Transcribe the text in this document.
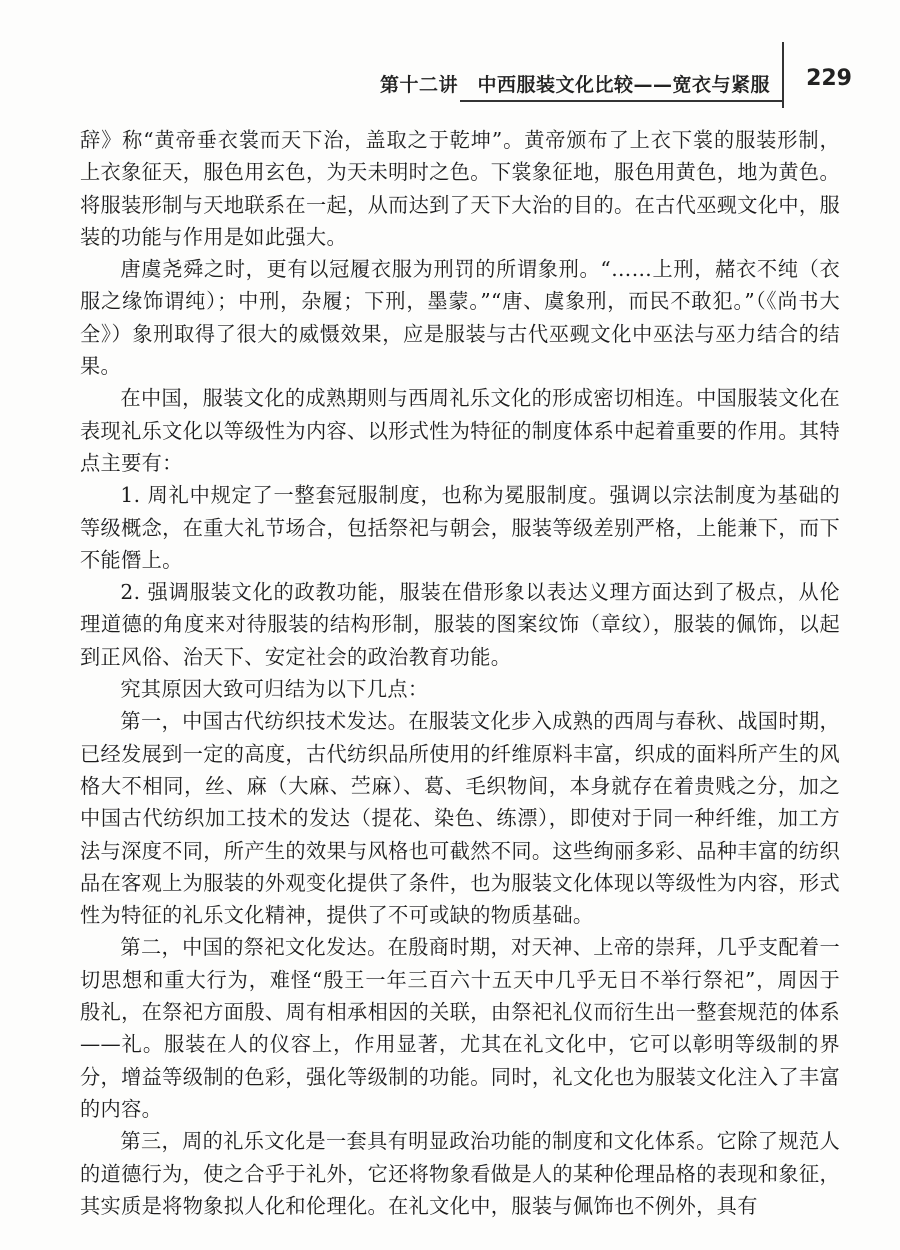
第十二讲　中西服装文化比较——宽衣与紧服 229

辞》称“黄帝垂衣裳而天下治，盖取之于乾坤”。黄帝颁布了上衣下裳的服装形制，上衣象征天，服色用玄色，为天未明时之色。下裳象征地，服色用黄色，地为黄色。将服装形制与天地联系在一起，从而达到了天下大治的目的。在古代巫觋文化中，服装的功能与作用是如此强大。

唐虞尧舜之时，更有以冠履衣服为刑罚的所谓象刑。“……上刑，赭衣不纯（衣服之缘饰谓纯）；中刑，杂履；下刑，墨蒙。”“唐、虞象刑，而民不敢犯。”（《尚书大全》）象刑取得了很大的威慑效果，应是服装与古代巫觋文化中巫法与巫力结合的结果。

在中国，服装文化的成熟期则与西周礼乐文化的形成密切相连。中国服装文化在表现礼乐文化以等级性为内容、以形式性为特征的制度体系中起着重要的作用。其特点主要有：

1. 周礼中规定了一整套冠服制度，也称为冕服制度。强调以宗法制度为基础的等级概念，在重大礼节场合，包括祭祀与朝会，服装等级差别严格，上能兼下，而下不能僭上。

2. 强调服装文化的政教功能，服装在借形象以表达义理方面达到了极点，从伦理道德的角度来对待服装的结构形制，服装的图案纹饰（章纹），服装的佩饰，以起到正风俗、治天下、安定社会的政治教育功能。

究其原因大致可归结为以下几点：

第一，中国古代纺织技术发达。在服装文化步入成熟的西周与春秋、战国时期，已经发展到一定的高度，古代纺织品所使用的纤维原料丰富，织成的面料所产生的风格大不相同，丝、麻（大麻、苎麻）、葛、毛织物间，本身就存在着贵贱之分，加之中国古代纺织加工技术的发达（提花、染色、练漂），即使对于同一种纤维，加工方法与深度不同，所产生的效果与风格也可截然不同。这些绚丽多彩、品种丰富的纺织品在客观上为服装的外观变化提供了条件，也为服装文化体现以等级性为内容，形式性为特征的礼乐文化精神，提供了不可或缺的物质基础。

第二，中国的祭祀文化发达。在殷商时期，对天神、上帝的崇拜，几乎支配着一切思想和重大行为，难怪“殷王一年三百六十五天中几乎无日不举行祭祀”，周因于殷礼，在祭祀方面殷、周有相承相因的关联，由祭祀礼仪而衍生出一整套规范的体系——礼。服装在人的仪容上，作用显著，尤其在礼文化中，它可以彰明等级制的界分，增益等级制的色彩，强化等级制的功能。同时，礼文化也为服装文化注入了丰富的内容。

第三，周的礼乐文化是一套具有明显政治功能的制度和文化体系。它除了规范人的道德行为，使之合乎于礼外，它还将物象看做是人的某种伦理品格的表现和象征，其实质是将物象拟人化和伦理化。在礼文化中，服装与佩饰也不例外，具有
